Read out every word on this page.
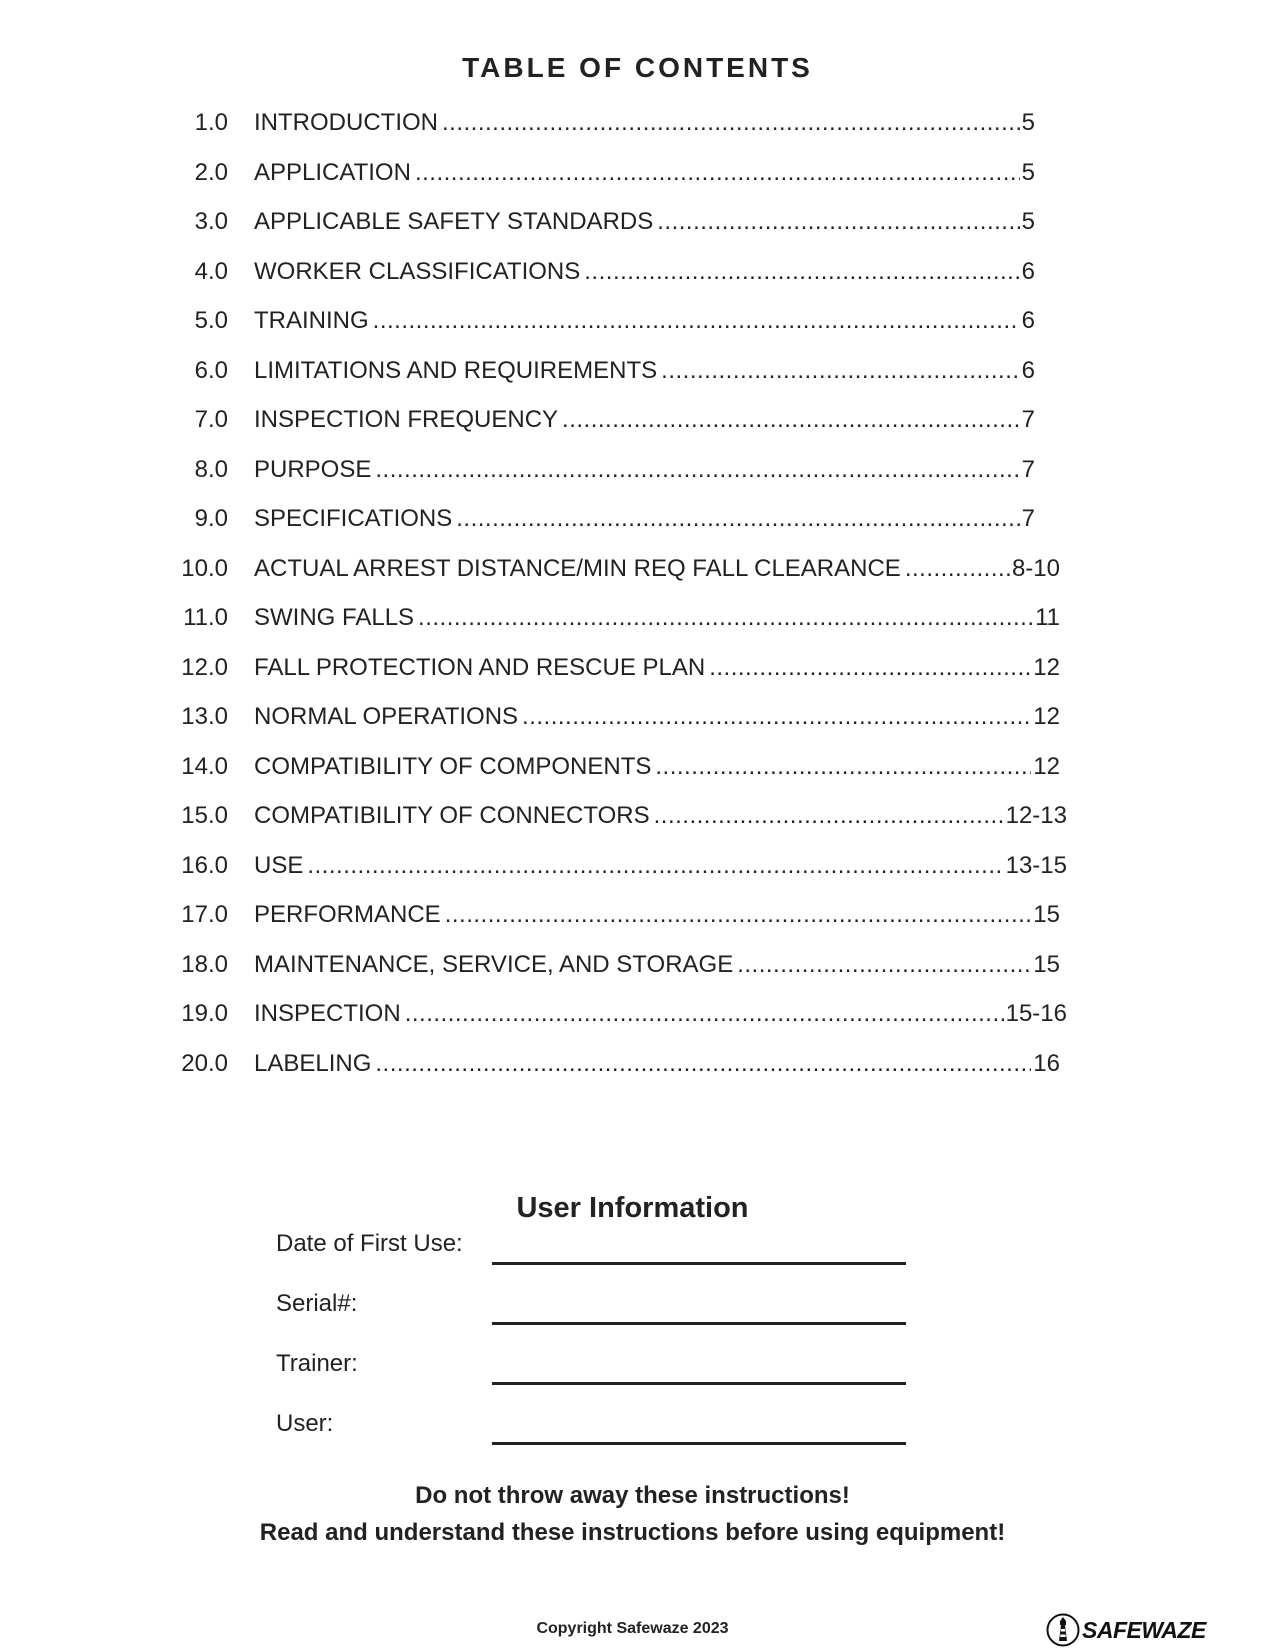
TABLE OF CONTENTS
1.0 INTRODUCTION .....	5
2.0 APPLICATION .....	5
3.0 APPLICABLE SAFETY STANDARDS .....	5
4.0 WORKER CLASSIFICATIONS .....	6
5.0 TRAINING .....	6
6.0 LIMITATIONS AND REQUIREMENTS .....	6
7.0 INSPECTION FREQUENCY .....	7
8.0 PURPOSE .....	7
9.0 SPECIFICATIONS .....	7
10.0 ACTUAL ARREST DISTANCE/MIN REQ FALL CLEARANCE .....	8-10
11.0 SWING FALLS .....	11
12.0 FALL PROTECTION AND RESCUE PLAN .....	12
13.0 NORMAL OPERATIONS .....	12
14.0 COMPATIBILITY OF COMPONENTS .....	12
15.0 COMPATIBILITY OF CONNECTORS .....	12-13
16.0 USE .....	13-15
17.0 PERFORMANCE .....	15
18.0 MAINTENANCE, SERVICE, AND STORAGE .....	15
19.0 INSPECTION .....	15-16
20.0 LABELING .....	16
User Information
Date of First Use:
Serial#:
Trainer:
User:
Do not throw away these instructions!
Read and understand these instructions before using equipment!
Copyright Safewaze 2023	SAFEWAZE
